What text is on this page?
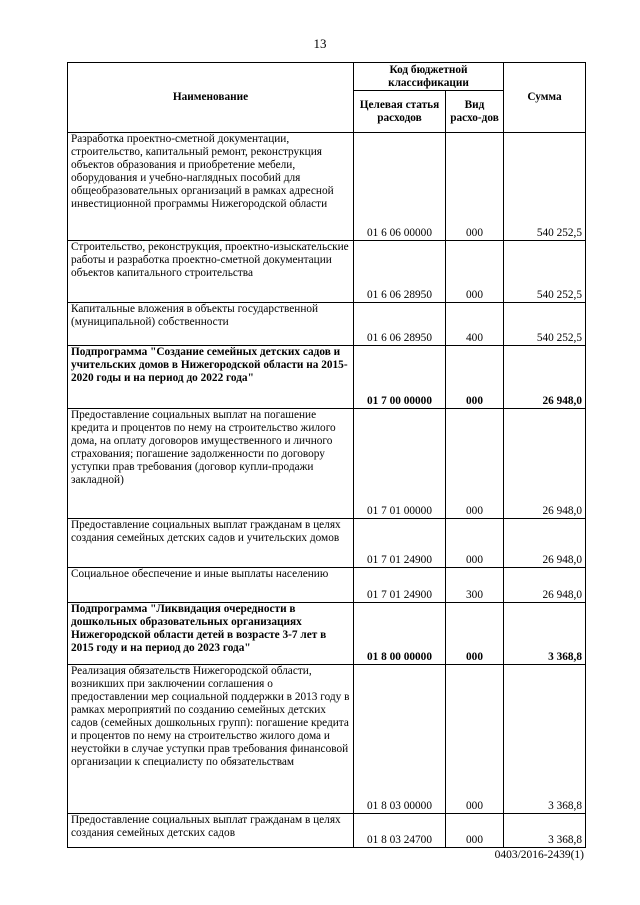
13
Наименование	Код бюджетной классификации		Сумма
	Целевая статья расходов	Вид расхо-дов	
Разработка проектно-сметной документации, строительство, капитальный ремонт, реконструкция объектов образования и приобретение мебели, оборудования и учебно-наглядных пособий для общеобразовательных организаций в рамках адресной инвестиционной программы Нижегородской области	01 6 06 00000	000	540 252,5
Строительство, реконструкция, проектно-изыскательские работы и разработка проектно-сметной документации объектов капитального строительства	01 6 06 28950	000	540 252,5
Капитальные вложения в объекты государственной (муниципальной) собственности	01 6 06 28950	400	540 252,5
Подпрограмма "Создание семейных детских садов и учительских домов в Нижегородской области на 2015-2020 годы и на период до 2022 года"	01 7 00 00000	000	26 948,0
Предоставление социальных выплат на погашение кредита и процентов по нему на строительство жилого дома, на оплату договоров имущественного и личного страхования; погашение задолженности по договору уступки прав требования (договор купли-продажи закладной)	01 7 01 00000	000	26 948,0
Предоставление социальных выплат гражданам в целях создания семейных детских садов и учительских домов	01 7 01 24900	000	26 948,0
Социальное обеспечение и иные выплаты населению	01 7 01 24900	300	26 948,0
Подпрограмма "Ликвидация очередности в дошкольных образовательных организациях Нижегородской области детей в возрасте 3-7 лет в 2015 году и на период до 2023 года"	01 8 00 00000	000	3 368,8
Реализация обязательств Нижегородской области, возникших при заключении соглашения о предоставлении мер социальной поддержки в 2013 году в рамках мероприятий по созданию семейных детских садов (семейных дошкольных групп): погашение кредита и процентов по нему на строительство жилого дома и неустойки в случае уступки прав требования финансовой организации к специалисту по обязательствам	01 8 03 00000	000	3 368,8
Предоставление социальных выплат гражданам в целях создания семейных детских садов	01 8 03 24700	000	3 368,8
0403/2016-2439(1)
